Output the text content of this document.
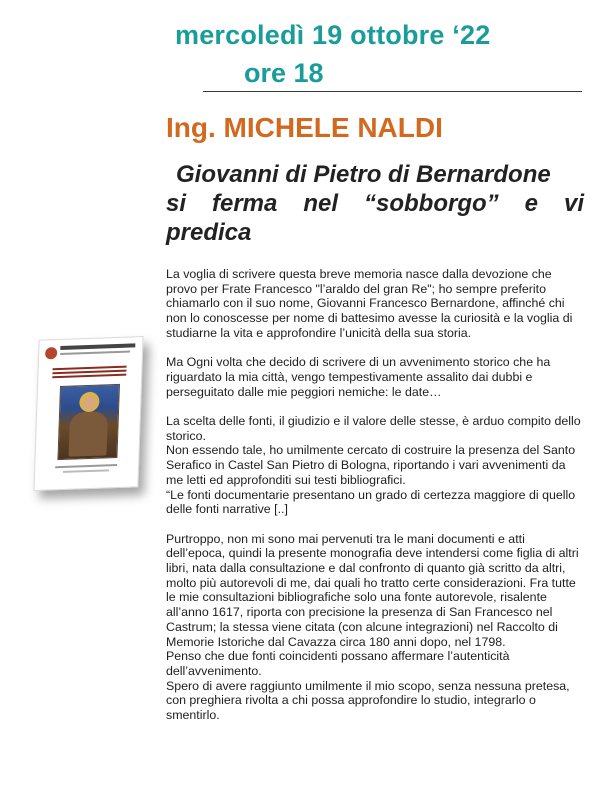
mercoledì 19 ottobre ‘22
ore 18
Ing. MICHELE NALDI
Giovanni di Pietro di Bernardone
si ferma nel “sobborgo” e vi
predica

La voglia di scrivere questa breve memoria nasce dalla devozione che provo per Frate Francesco "l’araldo del gran Re"; ho sempre preferito chiamarlo con il suo nome, Giovanni Francesco Bernardone, affinché chi non lo conoscesse per nome di battesimo avesse la curiosità e la voglia di studiarne la vita e approfondire l’unicità della sua storia.

Ma Ogni volta che decido di scrivere di un avvenimento storico che ha riguardato la mia città, vengo tempestivamente assalito dai dubbi e perseguitato dalle mie peggiori nemiche: le date…

La scelta delle fonti, il giudizio e il valore delle stesse, è arduo compito dello storico.

Non essendo tale, ho umilmente cercato di costruire la presenza del Santo Serafico in Castel San Pietro di Bologna, riportando i vari avvenimenti da me letti ed approfonditi sui testi bibliografici.

“Le fonti documentarie presentano un grado di certezza maggiore di quello delle fonti narrative [..]

Purtroppo, non mi sono mai pervenuti tra le mani documenti e atti dell’epoca, quindi la presente monografia deve intendersi come figlia di altri libri, nata dalla consultazione e dal confronto di quanto già scritto da altri, molto più autorevoli di me, dai quali ho tratto certe considerazioni. Fra tutte le mie consultazioni bibliografiche solo una fonte autorevole, risalente all’anno 1617, riporta con precisione la presenza di San Francesco nel Castrum; la stessa viene citata (con alcune integrazioni) nel Raccolto di Memorie Istoriche dal Cavazza circa 180 anni dopo, nel 1798.

Penso che due fonti coincidenti possano affermare l’autenticità dell’avvenimento.

Spero di avere raggiunto umilmente il mio scopo, senza nessuna pretesa, con preghiera rivolta a chi possa approfondire lo studio, integrarlo o smentirlo.
